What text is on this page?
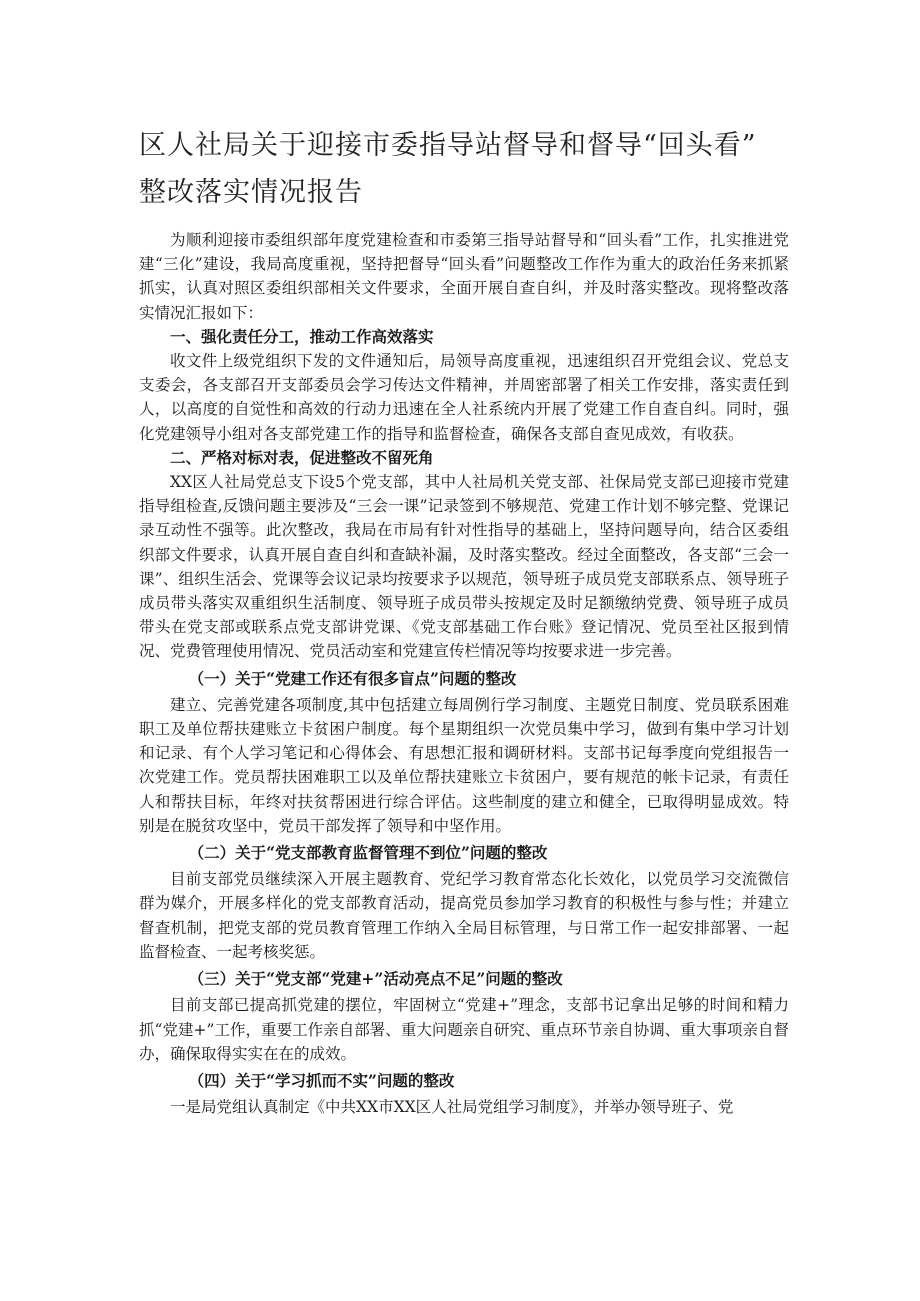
区人社局关于迎接市委指导站督导和督导“回头看”
整改落实情况报告

为顺利迎接市委组织部年度党建检查和市委第三指导站督导和“回头看”工作，扎实推进党建“三化”建设，我局高度重视，坚持把督导“回头看”问题整改工作作为重大的政治任务来抓紧抓实，认真对照区委组织部相关文件要求，全面开展自查自纠，并及时落实整改。现将整改落实情况汇报如下：

一、强化责任分工，推动工作高效落实

收文件上级党组织下发的文件通知后，局领导高度重视，迅速组织召开党组会议、党总支支委会，各支部召开支部委员会学习传达文件精神，并周密部署了相关工作安排，落实责任到人，以高度的自觉性和高效的行动力迅速在全人社系统内开展了党建工作自查自纠。同时，强化党建领导小组对各支部党建工作的指导和监督检查，确保各支部自查见成效，有收获。

二、严格对标对表，促进整改不留死角

XX区人社局党总支下设5个党支部，其中人社局机关党支部、社保局党支部已迎接市党建指导组检查,反馈问题主要涉及“三会一课”记录签到不够规范、党建工作计划不够完整、党课记录互动性不强等。此次整改，我局在市局有针对性指导的基础上，坚持问题导向，结合区委组织部文件要求，认真开展自查自纠和查缺补漏，及时落实整改。经过全面整改，各支部“三会一课”、组织生活会、党课等会议记录均按要求予以规范，领导班子成员党支部联系点、领导班子成员带头落实双重组织生活制度、领导班子成员带头按规定及时足额缴纳党费、领导班子成员带头在党支部或联系点党支部讲党课、《党支部基础工作台账》登记情况、党员至社区报到情况、党费管理使用情况、党员活动室和党建宣传栏情况等均按要求进一步完善。

（一）关于“党建工作还有很多盲点”问题的整改

建立、完善党建各项制度,其中包括建立每周例行学习制度、主题党日制度、党员联系困难职工及单位帮扶建账立卡贫困户制度。每个星期组织一次党员集中学习，做到有集中学习计划和记录、有个人学习笔记和心得体会、有思想汇报和调研材料。支部书记每季度向党组报告一次党建工作。党员帮扶困难职工以及单位帮扶建账立卡贫困户，要有规范的帐卡记录，有责任人和帮扶目标，年终对扶贫帮困进行综合评估。这些制度的建立和健全，已取得明显成效。特别是在脱贫攻坚中，党员干部发挥了领导和中坚作用。

（二）关于“党支部教育监督管理不到位”问题的整改

目前支部党员继续深入开展主题教育、党纪学习教育常态化长效化，以党员学习交流微信群为媒介，开展多样化的党支部教育活动，提高党员参加学习教育的积极性与参与性；并建立督查机制，把党支部的党员教育管理工作纳入全局目标管理，与日常工作一起安排部署、一起监督检查、一起考核奖惩。

（三）关于“党支部“党建+”活动亮点不足”问题的整改

目前支部已提高抓党建的摆位，牢固树立“党建+”理念，支部书记拿出足够的时间和精力抓“党建+”工作，重要工作亲自部署、重大问题亲自研究、重点环节亲自协调、重大事项亲自督办，确保取得实实在在的成效。

（四）关于“学习抓而不实”问题的整改

一是局党组认真制定《中共XX市XX区人社局党组学习制度》，并举办领导班子、党
